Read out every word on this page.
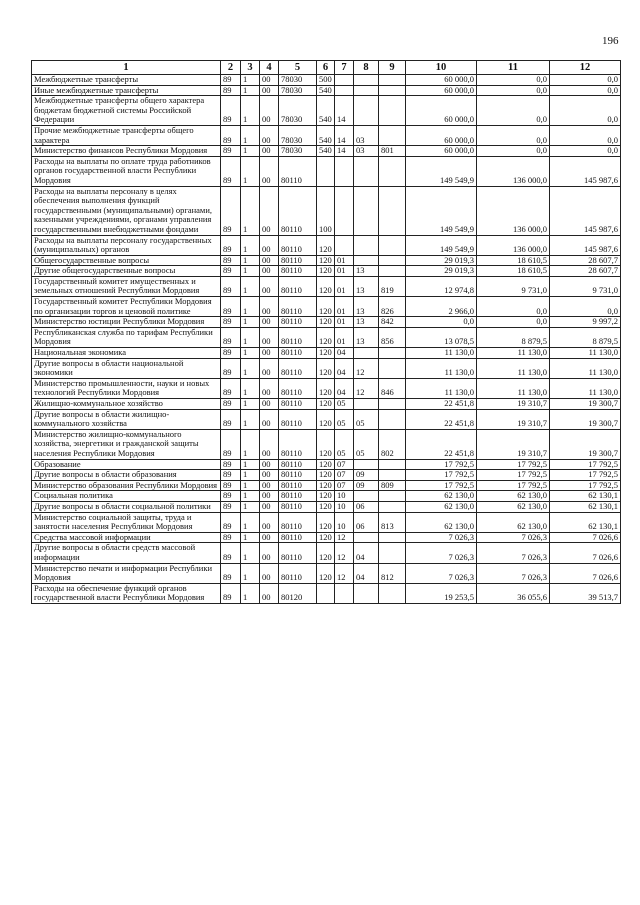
196
1	2	3	4	5	6	7	8	9	10	11	12
Межбюджетные трансферты	89	1	00	78030	500				60 000,0	0,0	0,0
Иные межбюджетные трансферты	89	1	00	78030	540				60 000,0	0,0	0,0
Межбюджетные трансферты общего характера бюджетам бюджетной системы Российской Федерации	89	1	00	78030	540	14			60 000,0	0,0	0,0
Прочие межбюджетные трансферты общего характера	89	1	00	78030	540	14	03		60 000,0	0,0	0,0
Министерство финансов Республики Мордовия	89	1	00	78030	540	14	03	801	60 000,0	0,0	0,0
Расходы на выплаты по оплате труда работников органов государственной власти Республики Мордовия	89	1	00	80110					149 549,9	136 000,0	145 987,6
Расходы на выплаты персоналу в целях обеспечения выполнения функций государственными (муниципальными) органами, казенными учреждениями, органами управления государственными внебюджетными фондами	89	1	00	80110	100				149 549,9	136 000,0	145 987,6
Расходы на выплаты персоналу государственных (муниципальных) органов	89	1	00	80110	120				149 549,9	136 000,0	145 987,6
Общегосударственные вопросы	89	1	00	80110	120	01			29 019,3	18 610,5	28 607,7
Другие общегосударственные вопросы	89	1	00	80110	120	01	13		29 019,3	18 610,5	28 607,7
Государственный комитет имущественных и земельных отношений Республики Мордовия	89	1	00	80110	120	01	13	819	12 974,8	9 731,0	9 731,0
Государственный комитет Республики Мордовия по организации торгов и ценовой политике	89	1	00	80110	120	01	13	826	2 966,0	0,0	0,0
Министерство юстиции Республики Мордовия	89	1	00	80110	120	01	13	842	0,0	0,0	9 997,2
Республиканская служба по тарифам Республики Мордовия	89	1	00	80110	120	01	13	856	13 078,5	8 879,5	8 879,5
Национальная экономика	89	1	00	80110	120	04			11 130,0	11 130,0	11 130,0
Другие вопросы в области национальной экономики	89	1	00	80110	120	04	12		11 130,0	11 130,0	11 130,0
Министерство промышленности, науки и новых технологий Республики Мордовия	89	1	00	80110	120	04	12	846	11 130,0	11 130,0	11 130,0
Жилищно-коммунальное хозяйство	89	1	00	80110	120	05			22 451,8	19 310,7	19 300,7
Другие вопросы в области жилищно-коммунального хозяйства	89	1	00	80110	120	05	05		22 451,8	19 310,7	19 300,7
Министерство жилищно-коммунального хозяйства, энергетики и гражданской защиты населения Республики Мордовия	89	1	00	80110	120	05	05	802	22 451,8	19 310,7	19 300,7
Образование	89	1	00	80110	120	07			17 792,5	17 792,5	17 792,5
Другие вопросы в области образования	89	1	00	80110	120	07	09		17 792,5	17 792,5	17 792,5
Министерство образования Республики Мордовия	89	1	00	80110	120	07	09	809	17 792,5	17 792,5	17 792,5
Социальная политика	89	1	00	80110	120	10			62 130,0	62 130,0	62 130,1
Другие вопросы в области социальной политики	89	1	00	80110	120	10	06		62 130,0	62 130,0	62 130,1
Министерство социальной защиты, труда и занятости населения Республики Мордовия	89	1	00	80110	120	10	06	813	62 130,0	62 130,0	62 130,1
Средства массовой информации	89	1	00	80110	120	12			7 026,3	7 026,3	7 026,6
Другие вопросы в области средств массовой информации	89	1	00	80110	120	12	04		7 026,3	7 026,3	7 026,6
Министерство печати и информации Республики Мордовия	89	1	00	80110	120	12	04	812	7 026,3	7 026,3	7 026,6
Расходы на обеспечение функций органов государственной власти Республики Мордовия	89	1	00	80120					19 253,5	36 055,6	39 513,7
